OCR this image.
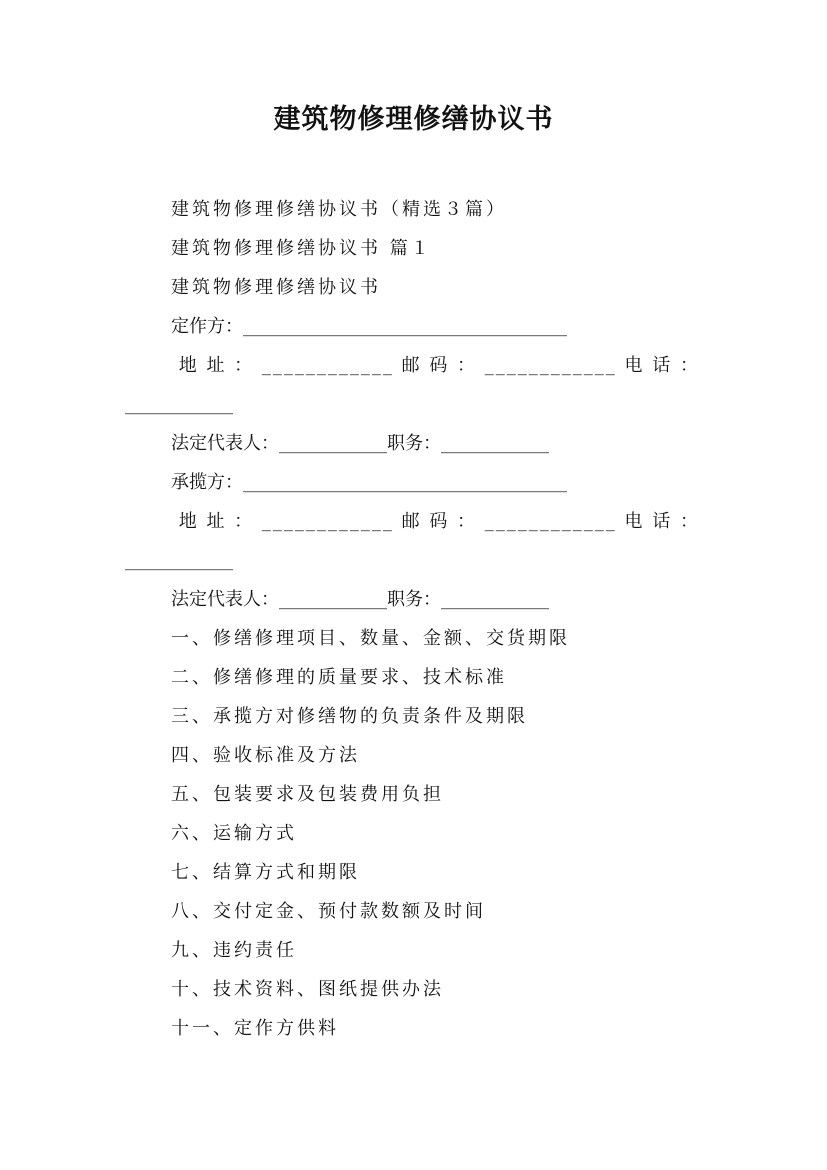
建筑物修理修缮协议书
建筑物修理修缮协议书（精选３篇）
建筑物修理修缮协议书 篇１
建筑物修理修缮协议书
定作方：____________________________________
地 址 ： ____________ 邮 码 ： ____________ 电 话 ：
____________
法定代表人：____________职务：____________
承揽方：____________________________________
地 址 ： ____________ 邮 码 ： ____________ 电 话 ：
____________
法定代表人：____________职务：____________
一、修缮修理项目、数量、金额、交货期限
二、修缮修理的质量要求、技术标准
三、承揽方对修缮物的负责条件及期限
四、验收标准及方法
五、包装要求及包装费用负担
六、运输方式
七、结算方式和期限
八、交付定金、预付款数额及时间
九、违约责任
十、技术资料、图纸提供办法
十一、定作方供料
